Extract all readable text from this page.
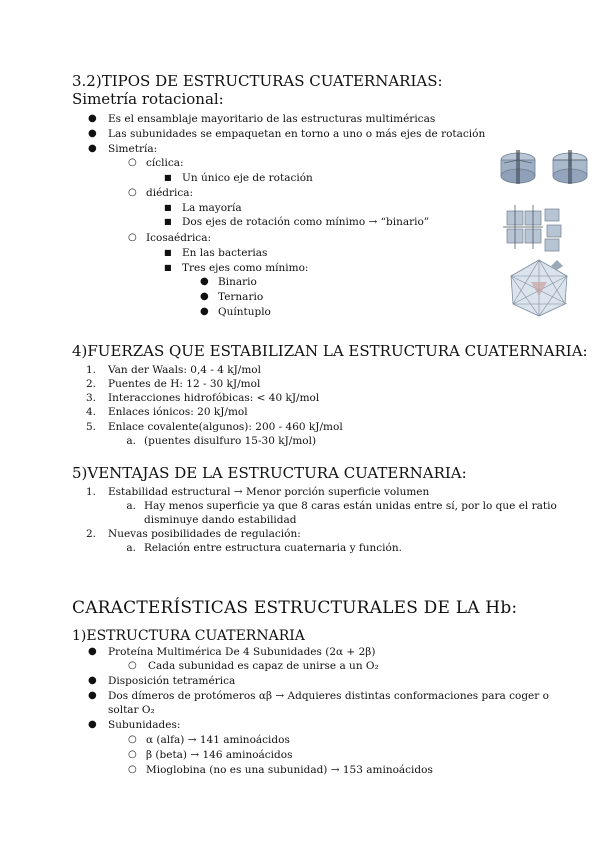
3.2)TIPOS DE ESTRUCTURAS CUATERNARIAS:
Simetría rotacional:
● Es el ensamblaje mayoritario de las estructuras multiméricas
● Las subunidades se empaquetan en torno a uno o más ejes de rotación
● Simetría:
○ cíclica:
■ Un único eje de rotación
○ diédrica:
■ La mayoría
■ Dos ejes de rotación como mínimo → “binario”
○ Icosaédrica:
■ En las bacterias
■ Tres ejes como mínimo:
● Binario
● Ternario
● Quíntuplo
4)FUERZAS QUE ESTABILIZAN LA ESTRUCTURA CUATERNARIA:
1. Van der Waals: 0,4 - 4 kJ/mol
2. Puentes de H: 12 - 30 kJ/mol
3. Interacciones hidrofóbicas: < 40 kJ/mol
4. Enlaces iónicos: 20 kJ/mol
5. Enlace covalente(algunos): 200 - 460 kJ/mol
a. (puentes disulfuro 15-30 kJ/mol)
5)VENTAJAS DE LA ESTRUCTURA CUATERNARIA:
1. Estabilidad estructural → Menor porción superficie volumen
a. Hay menos superficie ya que 8 caras están unidas entre sí, por lo que el ratio
disminuye dando estabilidad
2. Nuevas posibilidades de regulación:
a. Relación entre estructura cuaternaria y función.
CARACTERÍSTICAS ESTRUCTURALES DE LA Hb:
1)ESTRUCTURA CUATERNARIA
● Proteína Multimérica De 4 Subunidades (2α + 2β)
○ Cada subunidad es capaz de unirse a un O₂
● Disposición tetramérica
● Dos dímeros de protómeros αβ → Adquieres distintas conformaciones para coger o
soltar O₂
● Subunidades:
○ α (alfa) → 141 aminoácidos
○ β (beta) → 146 aminoácidos
○ Mioglobina (no es una subunidad) → 153 aminoácidos
